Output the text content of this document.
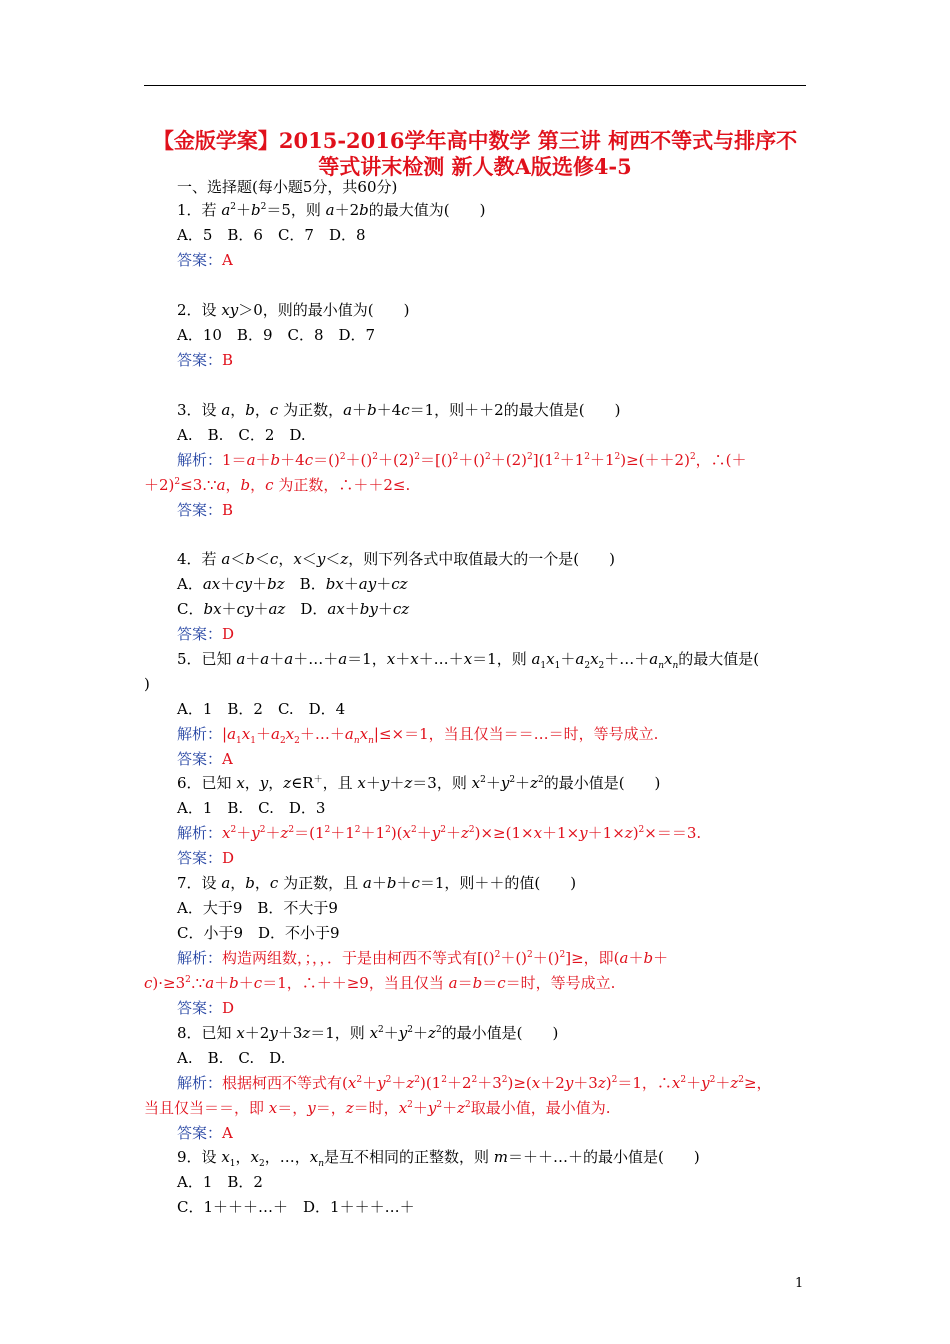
【金版学案】2015-2016学年高中数学 第三讲 柯西不等式与排序不
等式讲末检测 新人教A版选修4-5
一、选择题(每小题5分，共60分)
1．若 $a^2+b^2=5$，则 a＋2b的最大值为(　　)
A．5　B．6　C．7　D．8
答案：A
2．设 xy＞0，则的最小值为(　　)
A．10　B．9　C．8　D．7
答案：B
3．设 a，b，c 为正数，a＋b＋4c＝1，则＋＋2的最大值是(　　)
A.　B.　C．2　D.
解析：$1=a+b+4c=()^2+()^2+(2)^2=[()^2+()^2+(2)^2](1^2+1^2+1^2)\ge(++2)^2$，∴(＋
＋2)$^2$≤3.∵a，b，c 为正数，∴＋＋2≤.
答案：B
4．若 a＜b＜c，x＜y＜z，则下列各式中取值最大的一个是(　　)
A．ax＋cy＋bz　B．bx＋ay＋cz
C．bx＋cy＋az　D．ax＋by＋cz
答案：D
5．已知 a＋a＋a＋…＋a＝1，x＋x＋…＋x＝1，则 $a_1x_1+a_2x_2+\dots+a_nx_n$的最大值是(
)
A．1　B．2　C.　D．4
解析：$|a_1x_1+a_2x_2+\dots+a_nx_n|\le\times=1$，当且仅当＝＝…＝时，等号成立.
答案：A
6．已知 x，y，z∈R＋，且 x＋y＋z＝3，则 $x^2+y^2+z^2$的最小值是(　　)
A．1　B.　C.　D．3
解析：$x^2+y^2+z^2=(1^2+1^2+1^2)(x^2+y^2+z^2)\times\ge(1\times x+1\times y+1\times z)^2\times==3$.
答案：D
7．设 a，b，c 为正数，且 a＋b＋c＝1，则＋＋的值(　　)
A．大于9　B．不大于9
C．小于9　D．不小于9
解析：构造两组数，；，，．于是由柯西不等式有[()$^2$＋()$^2$＋()$^2$]≥，即(a＋b＋
$c)\cdot\ge 3^2.\because a+b+c=1$，∴＋＋≥9，当且仅当 a＝b＝c＝时，等号成立.
答案：D
8．已知 x＋2y＋3z＝1，则 $x^2+y^2+z^2$的最小值是(　　)
A.　B.　C.　D.
解析：根据柯西不等式有$(x^2+y^2+z^2)(1^2+2^2+3^2)\ge(x+2y+3z)^2=1$，$\therefore x^2+y^2+z^2\ge$，
当且仅当＝＝，即 x＝，y＝，z＝时，$x^2+y^2+z^2$取最小值，最小值为.
答案：A
9．设 $x_1$，$x_2$，…，$x_n$是互不相同的正整数，则 m＝＋＋…＋的最小值是(　　)
A．1　B．2
C．1＋＋＋…＋　D．1＋＋＋…＋
1
